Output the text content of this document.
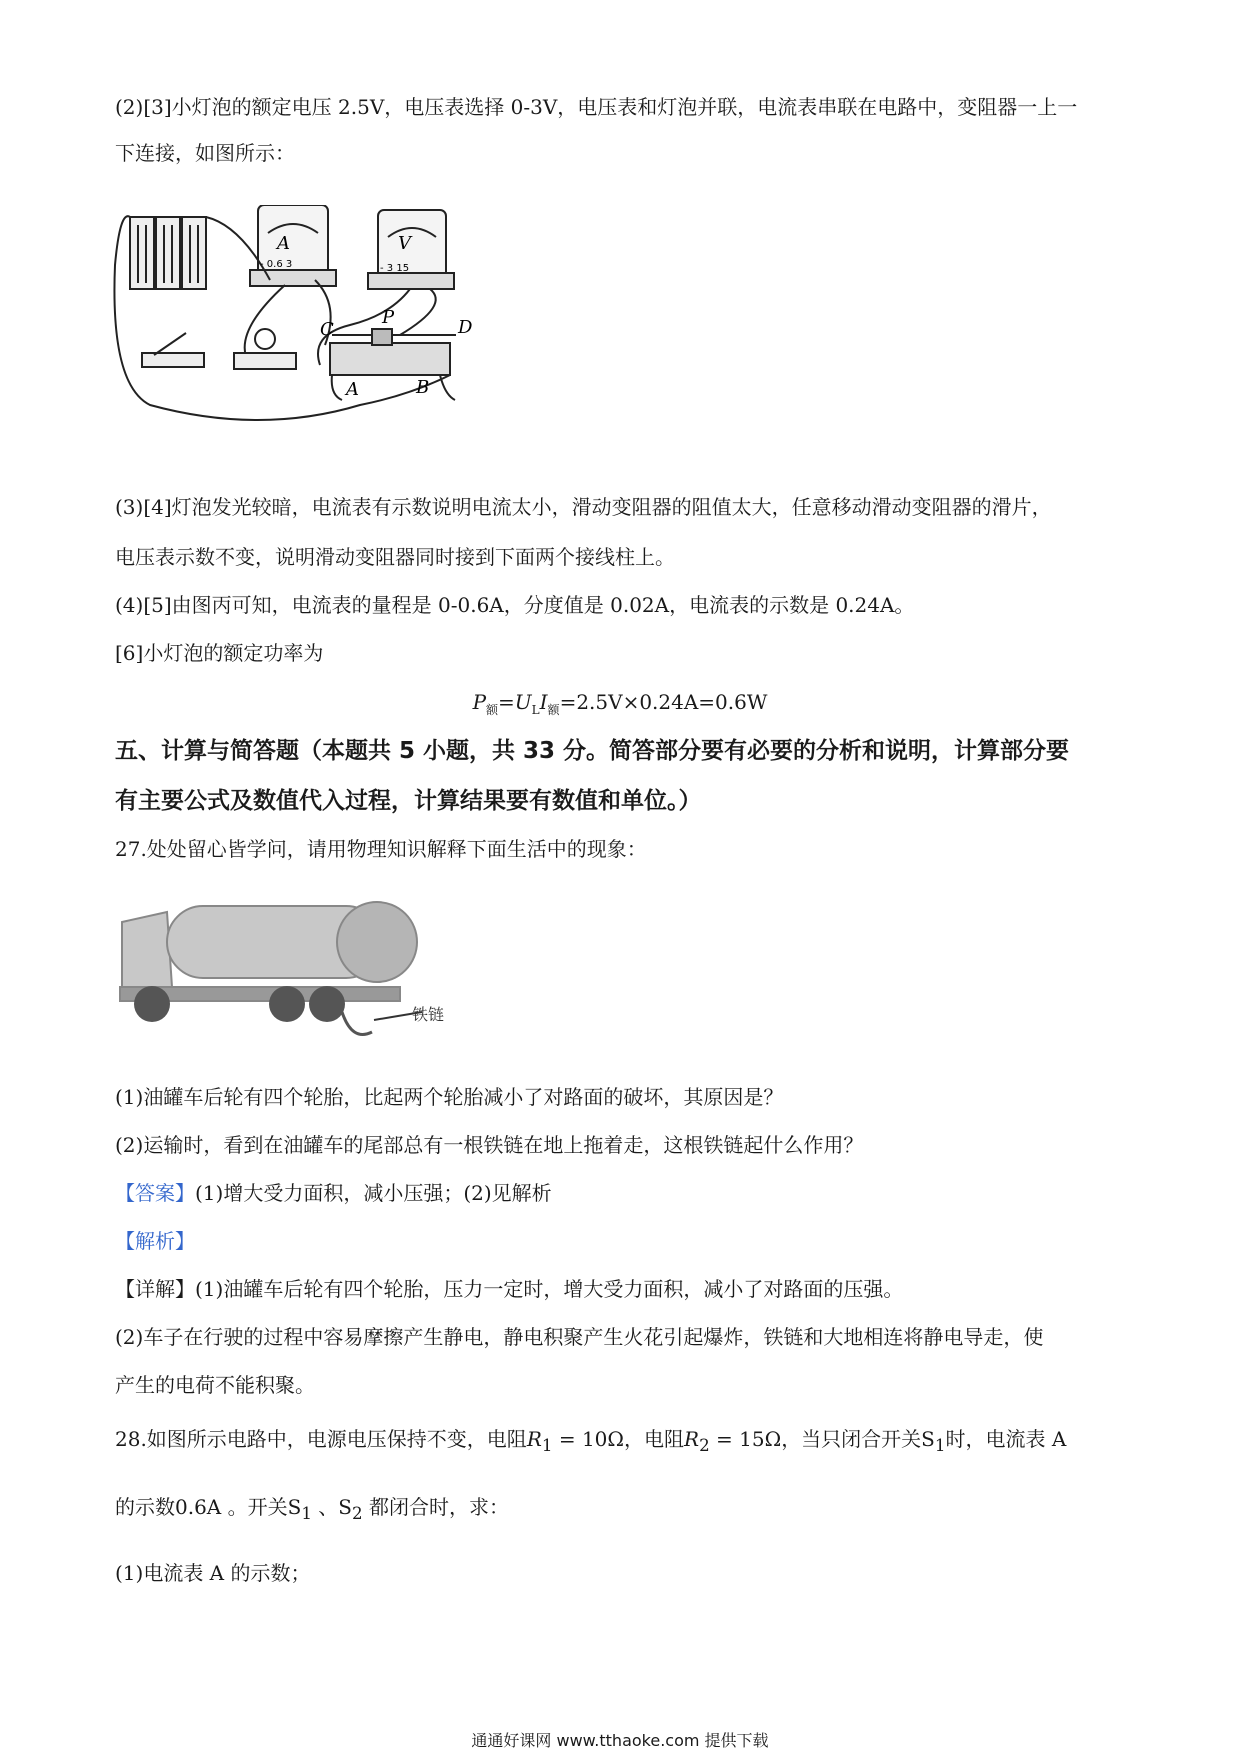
(2)[3]小灯泡的额定电压 2.5V，电压表选择 0-3V，电压表和灯泡并联，电流表串联在电路中，变阻器一上一
下连接，如图所示：
A
- 0.6 3
V
- 3 15
C
P	D
A	B
(3)[4]灯泡发光较暗，电流表有示数说明电流太小，滑动变阻器的阻值太大，任意移动滑动变阻器的滑片，
电压表示数不变，说明滑动变阻器同时接到下面两个接线柱上。
(4)[5]由图丙可知，电流表的量程是 0-0.6A，分度值是 0.02A，电流表的示数是 0.24A。
[6]小灯泡的额定功率为
$P_额=U_LI_额=2.5V\times 0.24A=0.6W$
五、计算与简答题（本题共 5 小题，共 33 分。简答部分要有必要的分析和说明，计算部分要
有主要公式及数值代入过程，计算结果要有数值和单位。）
27.处处留心皆学问，请用物理知识解释下面生活中的现象：
铁链
(1)油罐车后轮有四个轮胎，比起两个轮胎减小了对路面的破坏，其原因是？
(2)运输时，看到在油罐车的尾部总有一根铁链在地上拖着走，这根铁链起什么作用？
【答案】(1)增大受力面积，减小压强；(2)见解析
【解析】
【详解】(1)油罐车后轮有四个轮胎，压力一定时，增大受力面积，减小了对路面的压强。
(2)车子在行驶的过程中容易摩擦产生静电，静电积聚产生火花引起爆炸，铁链和大地相连将静电导走，使
产生的电荷不能积聚。
28.如图所示电路中，电源电压保持不变，电阻$R_1 = 10\Omega$，电阻$R_2 = 15\Omega$，当只闭合开关$S_1$时，电流表 A
的示数0.6A 。开关$S_1$ 、$S_2$ 都闭合时，求：
(1)电流表 A 的示数；
通通好课网 www.tthaoke.com 提供下载
